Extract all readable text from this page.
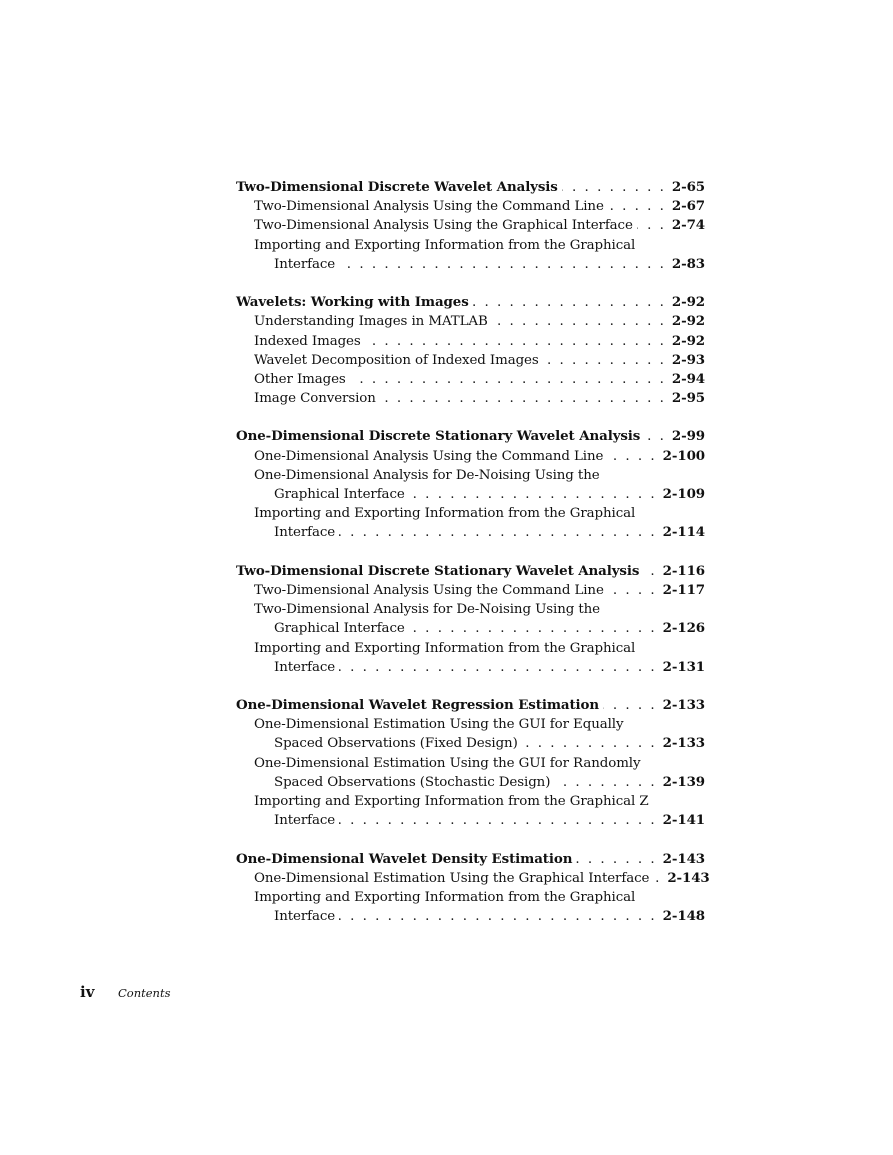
Two-Dimensional Discrete Wavelet Analysis . . .	2-65
Two-Dimensional Analysis Using the Command Line . . .	2-67
Two-Dimensional Analysis Using the Graphical Interface . . .	2-74
Importing and Exporting Information from the Graphical
Interface . . .	2-83
Wavelets: Working with Images . . .	2-92
Understanding Images in MATLAB . . .	2-92
Indexed Images . . .	2-92
Wavelet Decomposition of Indexed Images . . .	2-93
Other Images . . .	2-94
Image Conversion . . .	2-95
One-Dimensional Discrete Stationary Wavelet Analysis . . . 2-99
One-Dimensional Analysis Using the Command Line . . .	2-100
One-Dimensional Analysis for De-Noising Using the
Graphical Interface . . .	2-109
Importing and Exporting Information from the Graphical
Interface . . .	2-114
Two-Dimensional Discrete Stationary Wavelet Analysis . . . 2-116
Two-Dimensional Analysis Using the Command Line . . .	2-117
Two-Dimensional Analysis for De-Noising Using the
Graphical Interface . . .	2-126
Importing and Exporting Information from the Graphical
Interface . . .	2-131
One-Dimensional Wavelet Regression Estimation . . .	2-133
One-Dimensional Estimation Using the GUI for Equally
Spaced Observations (Fixed Design) . . .	2-133
One-Dimensional Estimation Using the GUI for Randomly
Spaced Observations (Stochastic Design) . . .	2-139
Importing and Exporting Information from the Graphical Z
Interface . . .	2-141
One-Dimensional Wavelet Density Estimation . . .	2-143
One-Dimensional Estimation Using the Graphical Interface . . . 2-143
Importing and Exporting Information from the Graphical
Interface . . .	2-148
iv	Contents
